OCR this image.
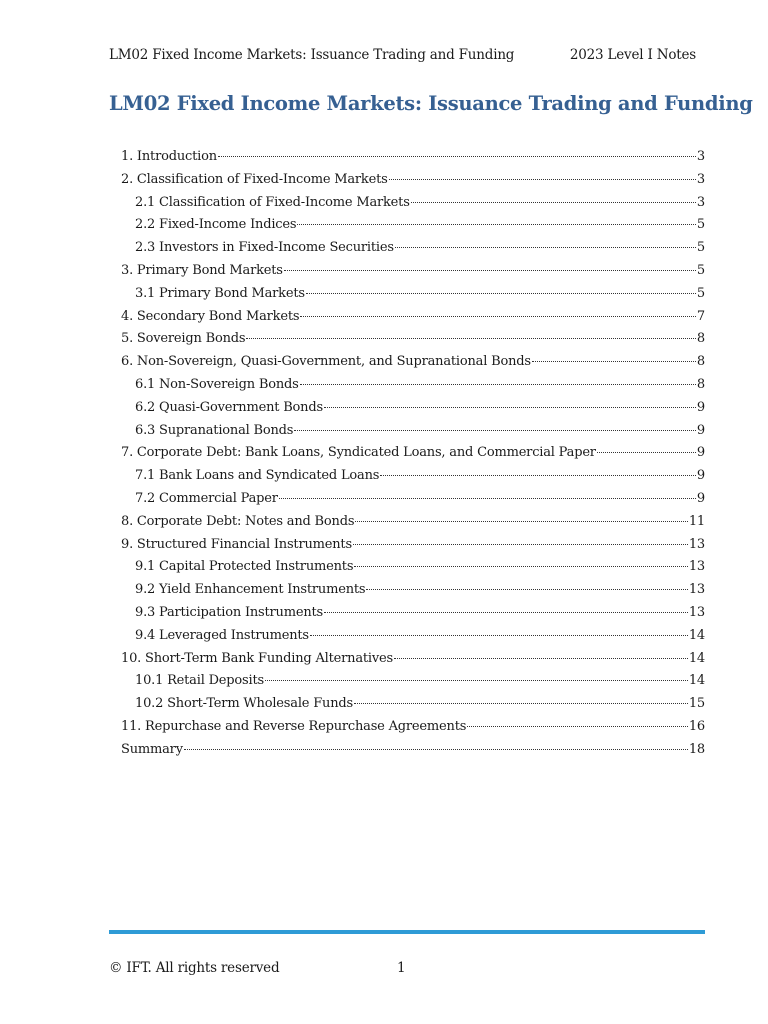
LM02 Fixed Income Markets: Issuance Trading and Funding	2023 Level I Notes
LM02 Fixed Income Markets: Issuance Trading and Funding
1. Introduction	3
2. Classification of Fixed-Income Markets	3
2.1 Classification of Fixed-Income Markets	3
2.2 Fixed-Income Indices	5
2.3 Investors in Fixed-Income Securities	5
3. Primary Bond Markets	5
3.1 Primary Bond Markets	5
4. Secondary Bond Markets	7
5. Sovereign Bonds	8
6. Non-Sovereign, Quasi-Government, and Supranational Bonds	8
6.1 Non-Sovereign Bonds	8
6.2 Quasi-Government Bonds	9
6.3 Supranational Bonds	9
7. Corporate Debt: Bank Loans, Syndicated Loans, and Commercial Paper	9
7.1 Bank Loans and Syndicated Loans	9
7.2 Commercial Paper	9
8. Corporate Debt: Notes and Bonds	11
9. Structured Financial Instruments	13
9.1 Capital Protected Instruments	13
9.2 Yield Enhancement Instruments	13
9.3 Participation Instruments	13
9.4 Leveraged Instruments	14
10. Short-Term Bank Funding Alternatives	14
10.1 Retail Deposits	14
10.2 Short-Term Wholesale Funds	15
11. Repurchase and Reverse Repurchase Agreements	16
Summary	18
© IFT. All rights reserved	1
